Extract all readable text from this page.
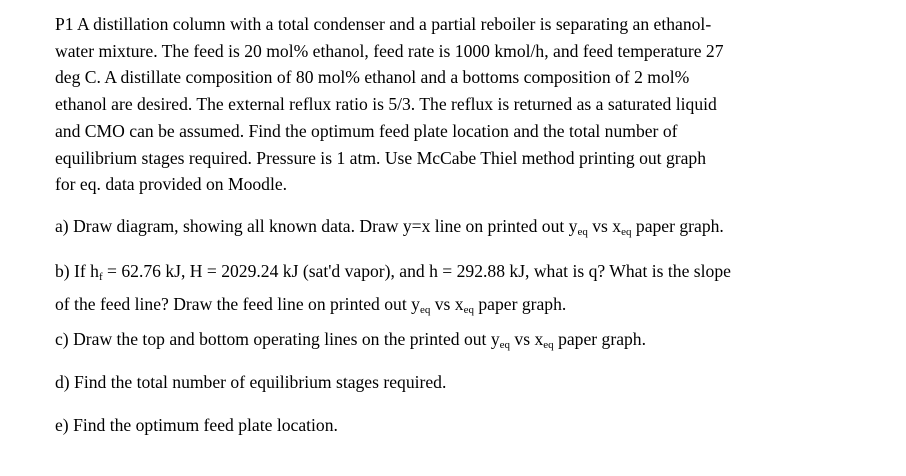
P1 A distillation column with a total condenser and a partial reboiler is separating an ethanol-
water mixture. The feed is 20 mol% ethanol, feed rate is 1000 kmol/h, and feed temperature 27
deg C. A distillate composition of 80 mol% ethanol and a bottoms composition of 2 mol%
ethanol are desired. The external reflux ratio is 5/3. The reflux is returned as a saturated liquid
and CMO can be assumed. Find the optimum feed plate location and the total number of
equilibrium stages required. Pressure is 1 atm. Use McCabe Thiel method printing out graph
for eq. data provided on Moodle.

a) Draw diagram, showing all known data. Draw y=x line on printed out $y_{eq}$ vs $x_{eq}$ paper graph.

b) If $h_f = 62.76$ kJ, H = 2029.24 kJ (sat'd vapor), and h = 292.88 kJ, what is q? What is the slope
of the feed line? Draw the feed line on printed out $y_{eq}$ vs $x_{eq}$ paper graph.

c) Draw the top and bottom operating lines on the printed out $y_{eq}$ vs $x_{eq}$ paper graph.

d) Find the total number of equilibrium stages required.

e) Find the optimum feed plate location.
